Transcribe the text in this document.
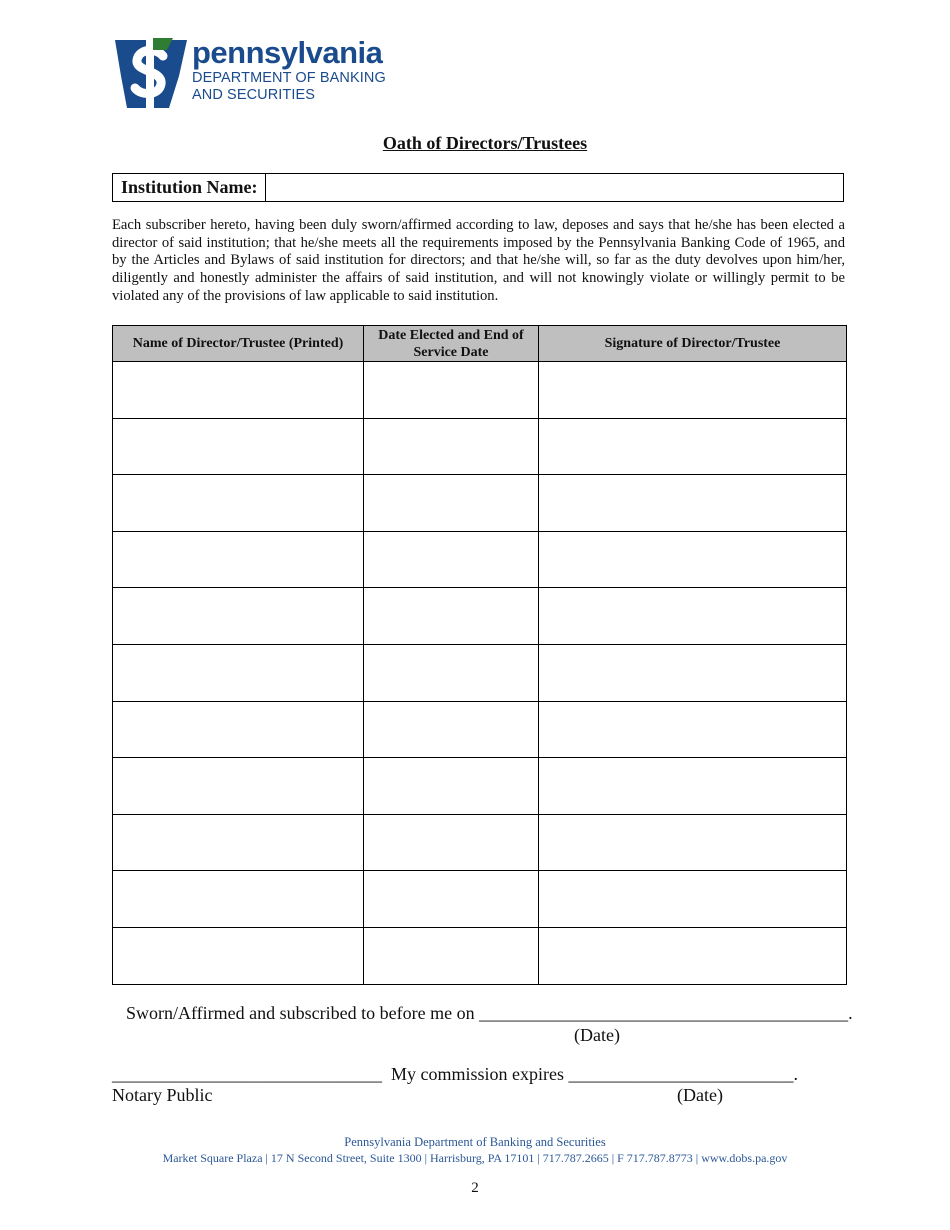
pennsylvania
DEPARTMENT OF BANKING
AND SECURITIES
Oath of Directors/Trustees
Institution Name:

Each subscriber hereto, having been duly sworn/affirmed according to law, deposes and says that he/she has been elected a director of said institution; that he/she meets all the requirements imposed by the Pennsylvania Banking Code of 1965, and by the Articles and Bylaws of said institution for directors; and that he/she will, so far as the duty devolves upon him/her, diligently and honestly administer the affairs of said institution, and will not knowingly violate or willingly permit to be violated any of the provisions of law applicable to said institution.

Name of Director/Trustee (Printed)	Date Elected and End of Service Date	Signature of Director/Trustee

Sworn/Affirmed and subscribed to before me on _________________________________________.
(Date)
______________________________  My commission expires _________________________.
Notary Public	(Date)
Pennsylvania Department of Banking and Securities
Market Square Plaza | 17 N Second Street, Suite 1300 | Harrisburg, PA 17101 | 717.787.2665 | F 717.787.8773 | www.dobs.pa.gov
2
